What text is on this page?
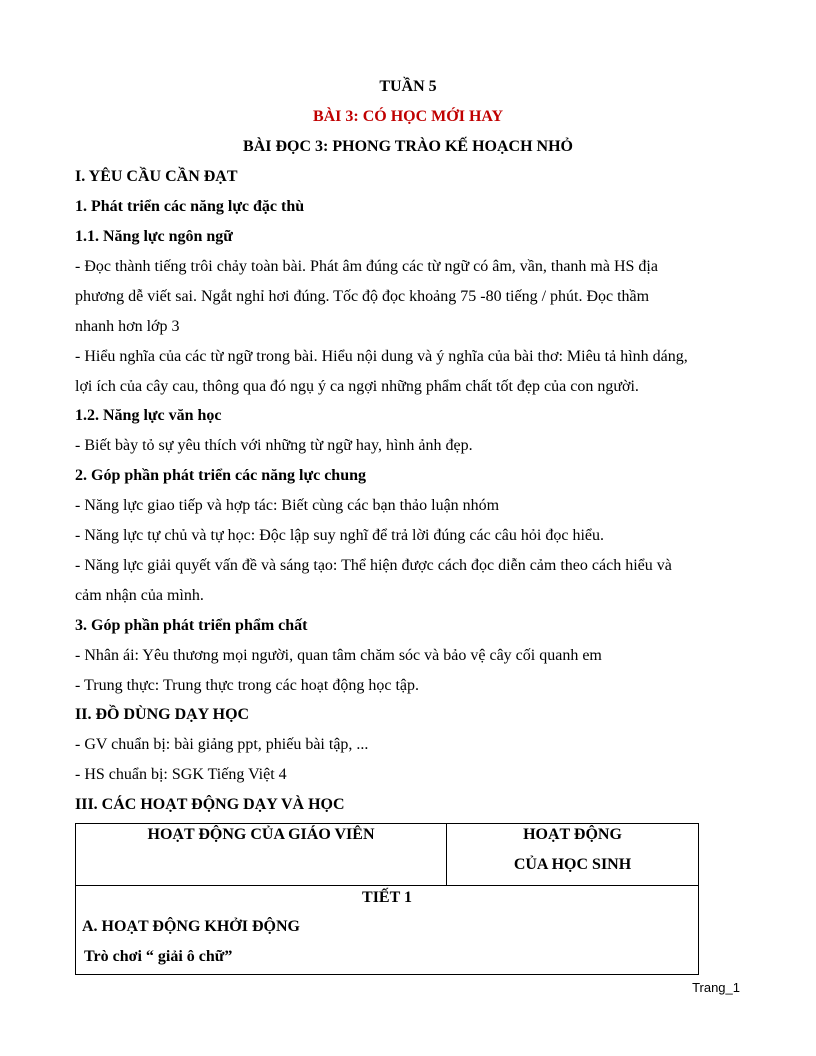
TUẦN 5
BÀI 3: CÓ HỌC MỚI HAY
BÀI ĐỌC 3: PHONG TRÀO KẾ HOẠCH NHỎ
I. YÊU CẦU CẦN ĐẠT
1. Phát triển các năng lực đặc thù
1.1. Năng lực ngôn ngữ
- Đọc thành tiếng trôi chảy toàn bài. Phát âm đúng các từ ngữ có âm, vần, thanh mà HS địa
phương dễ viết sai. Ngắt nghỉ hơi đúng. Tốc độ đọc khoảng 75 -80 tiếng / phút. Đọc thầm
nhanh hơn lớp 3
- Hiểu nghĩa của các từ ngữ trong bài. Hiểu nội dung và ý nghĩa của bài thơ: Miêu tả hình dáng,
lợi ích của cây cau, thông qua đó ngụ ý ca ngợi những phẩm chất tốt đẹp của con người.
1.2. Năng lực văn học
- Biết bày tỏ sự yêu thích với những từ ngữ hay, hình ảnh đẹp.
2. Góp phần phát triển các năng lực chung
- Năng lực giao tiếp và hợp tác: Biết cùng các bạn thảo luận nhóm
- Năng lực tự chủ và tự học: Độc lập suy nghĩ để trả lời đúng các câu hỏi đọc hiểu.
- Năng lực giải quyết vấn đề và sáng tạo: Thể hiện được cách đọc diễn cảm theo cách hiểu và
cảm nhận của mình.
3. Góp phần phát triển phẩm chất
- Nhân ái: Yêu thương mọi người, quan tâm chăm sóc và bảo vệ cây cối quanh em
- Trung thực: Trung thực trong các hoạt động học tập.
II. ĐỒ DÙNG DẠY HỌC
- GV chuẩn bị: bài giảng ppt, phiếu bài tập, ...
- HS chuẩn bị: SGK Tiếng Việt 4
III. CÁC HOẠT ĐỘNG DẠY VÀ HỌC
HOẠT ĐỘNG CỦA GIÁO VIÊN	HOẠT ĐỘNG
CỦA HỌC SINH

TIẾT 1
A. HOẠT ĐỘNG KHỞI ĐỘNG
Trò chơi “ giải ô chữ”
Trang_1
